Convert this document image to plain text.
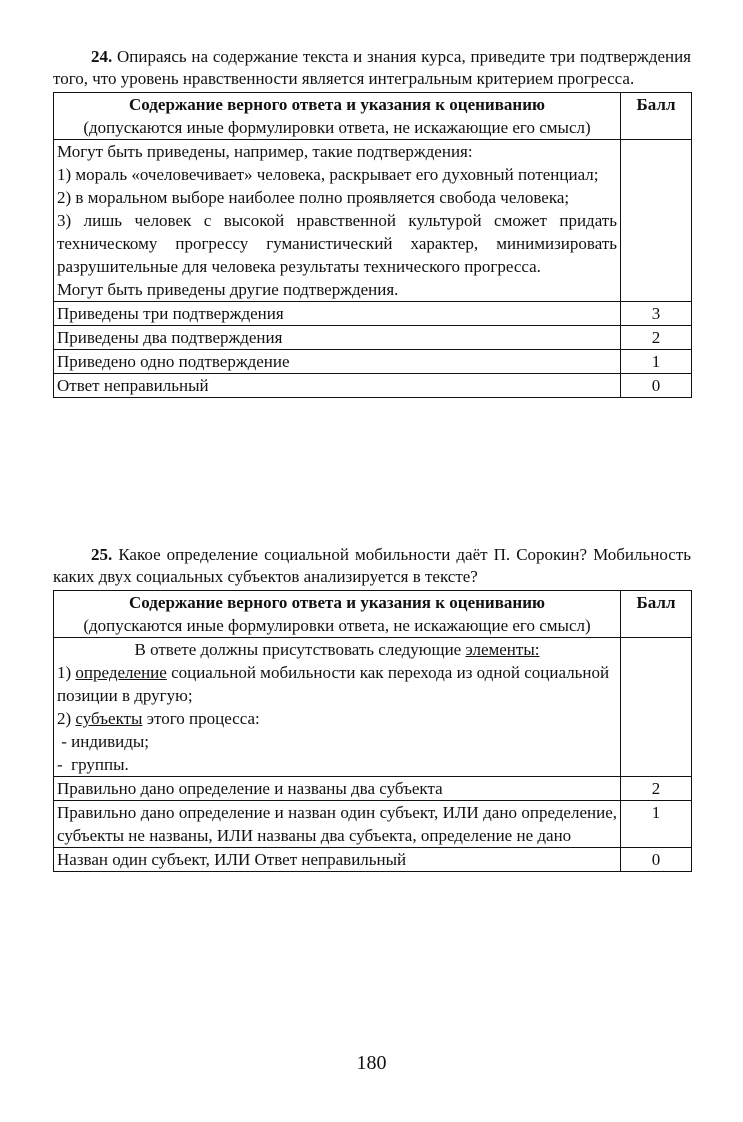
24. Опираясь на содержание текста и знания курса, приведите три подтверждения того, что уровень нравственности является интегральным критерием прогресса.

Содержание верного ответа и указания к оцениванию
(допускаются иные формулировки ответа, не искажающие его смысл)	Балл

Могут быть приведены, например, такие подтверждения:
1) мораль «очеловечивает» человека, раскрывает его духовный потенциал;
2) в моральном выборе наиболее полно проявляется свобода человека;
3) лишь человек с высокой нравственной культурой сможет придать техническому прогрессу гуманистический характер, минимизировать разрушительные для человека результаты технического прогресса.
Могут быть приведены другие подтверждения.	

Приведены три подтверждения	3
Приведены два подтверждения	2
Приведено одно подтверждение	1
Ответ неправильный	0

25. Какое определение социальной мобильности даёт П. Сорокин? Мобильность каких двух социальных субъектов анализируется в тексте?

Содержание верного ответа и указания к оцениванию
(допускаются иные формулировки ответа, не искажающие его смысл)	Балл

В ответе должны присутствовать следующие элементы:
1) определение социальной мобильности как перехода из одной социальной позиции в другую;
2) субъекты этого процесса:
- индивиды;
-  группы.	

Правильно дано определение и названы два субъекта	2
Правильно дано определение и назван один субъект, ИЛИ дано определение, субъекты не названы, ИЛИ названы два субъекта, определение не дано	1
Назван один субъект, ИЛИ Ответ неправильный	0
180
